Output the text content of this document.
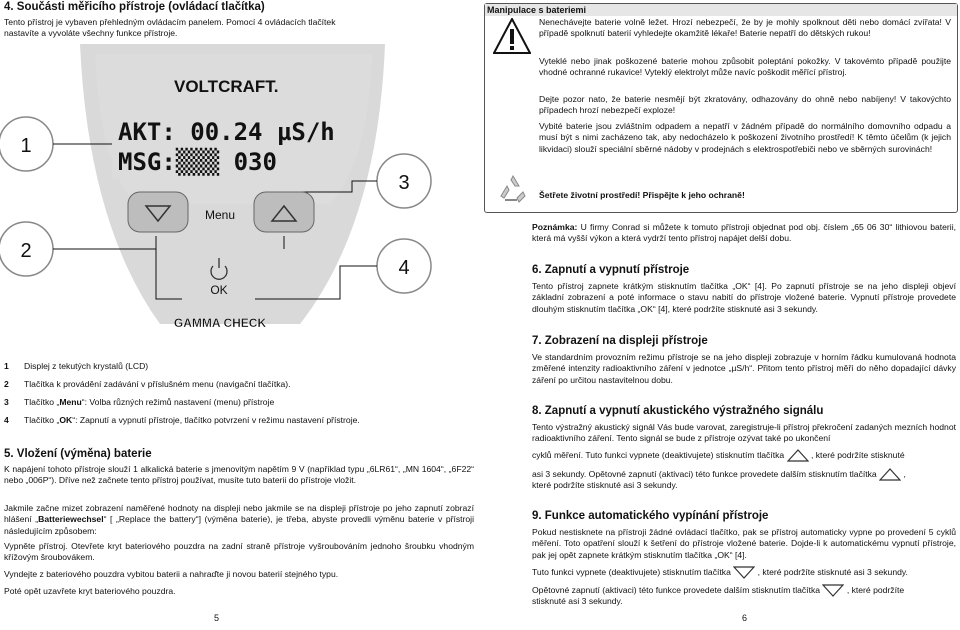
4. Součásti měřicího přístroje (ovládací tlačítka)

Tento přístroj je vybaven přehledným ovládacím panelem. Pomocí 4 ovládacích tlačítek nastavíte a vyvoláte všechny funkce přístroje.

VOLTCRAFT.
AKT: 00.24 µS/h
MSG:▒▒▒ 030
1
3
Menu
OK
2
4
GAMMA CHECK
1 Displej z tekutých krystalů (LCD)
2 Tlačítka k provádění zadávání v příslušném menu (navigační tlačítka).
3 Tlačítko „Menu“: Volba různých režimů nastavení (menu) přístroje
4 Tlačítko „OK“: Zapnutí a vypnutí přístroje, tlačítko potvrzení v režimu nastavení přístroje.
5. Vložení (výměna) baterie

K napájení tohoto přístroje slouží 1 alkalická baterie s jmenovitým napětím 9 V (například typu „6LR61“, „MN 1604“, „6F22“ nebo „006P“). Dříve než začnete tento přístroj používat, musíte tuto baterii do přístroje vložit.

Jakmile začne mizet zobrazení naměřené hodnoty na displeji nebo jakmile se na displeji přístroje po jeho zapnutí zobrazí hlášení „Batteriewechsel“ [ „Replace the battery“] (výměna baterie), je třeba, abyste provedli výměnu baterie v přístroji následujícím způsobem:

Vypněte přístroj. Otevřete kryt bateriového pouzdra na zadní straně přístroje vyšroubováním jednoho šroubku vhodným křížovým šroubovákem.

Vyndejte z bateriového pouzdra vybitou baterii a nahraďte ji novou baterií stejného typu.

Poté opět uzavřete kryt bateriového pouzdra.

5
Manipulace s bateriemi

Nenechávejte baterie volně ležet. Hrozí nebezpečí, že by je mohly spolknout děti nebo domácí zvířata! V případě spolknutí baterií vyhledejte okamžitě lékaře! Baterie nepatří do dětských rukou!

Vyteklé nebo jinak poškozené baterie mohou způsobit poleptání pokožky. V takovémto případě použijte vhodné ochranné rukavice! Vyteklý elektrolyt může navíc poškodit měřící přístroj.

Dejte pozor nato, že baterie nesmějí být zkratovány, odhazovány do ohně nebo nabíjeny! V takovýchto případech hrozí nebezpečí exploze!

Vybité baterie jsou zvláštním odpadem a nepatří v žádném případě do normálního domovního odpadu a musí být s nimi zacházeno tak, aby nedocházelo k poškození životního prostředí! K těmto účelům (k jejich likvidaci) slouží speciální sběrné nádoby v prodejnách s elektrospotřebiči nebo ve sběrných surovinách!

Šetřete životní prostředí! Přispějte k jeho ochraně!

Poznámka: U firmy Conrad si můžete k tomuto přístroji objednat pod obj. číslem „65 06 30“ lithiovou baterii, která má vyšší výkon a která vydrží tento přístroj napájet delší dobu.

6. Zapnutí a vypnutí přístroje

Tento přístroj zapnete krátkým stisknutím tlačítka „OK“ [4]. Po zapnutí přístroje se na jeho displeji objeví základní zobrazení a poté informace o stavu nabití do přístroje vložené baterie. Vypnutí přístroje provedete dlouhým stisknutím tlačítka „OK“ [4], které podržíte stisknuté asi 3 sekundy.

7. Zobrazení na displeji přístroje

Ve standardním provozním režimu přístroje se na jeho displeji zobrazuje v horním řádku kumulovaná hodnota změřené intenzity radioaktivního záření v jednotce „µS/h“. Přitom tento přístroj měří do něho dopadající dávky záření po určitou nastavitelnou dobu.

8. Zapnutí a vypnutí akustického výstražného signálu

Tento výstražný akustický signál Vás bude varovat, zaregistruje-li přístroj překročení zadaných mezních hodnot radioaktivního záření. Tento signál se bude z přístroje ozývat také po ukončení

cyklů měření. Tuto funkci vypnete (deaktivujete) stisknutím tlačítka	, které podržíte stisknuté

asi 3 sekundy. Opětovné zapnutí (aktivaci) této funkce provedete dalším stisknutím tlačítka	,

které podržíte stisknuté asi 3 sekundy.

9. Funkce automatického vypínání přístroje

Pokud nestisknete na přístroji žádné ovládací tlačítko, pak se přístroj automaticky vypne po provedení 5 cyklů měření. Toto opatření slouží k šetření do přístroje vložené baterie. Dojde-li k automatickému vypnutí přístroje, pak jej opět zapnete krátkým stisknutím tlačítka „OK“ [4].

Tuto funkci vypnete (deaktivujete) stisknutím tlačítka	, které podržíte stisknuté asi 3 sekundy.

Opětovné zapnutí (aktivaci) této funkce provedete dalším stisknutím tlačítka	, které podržíte

stisknuté asi 3 sekundy.

6
